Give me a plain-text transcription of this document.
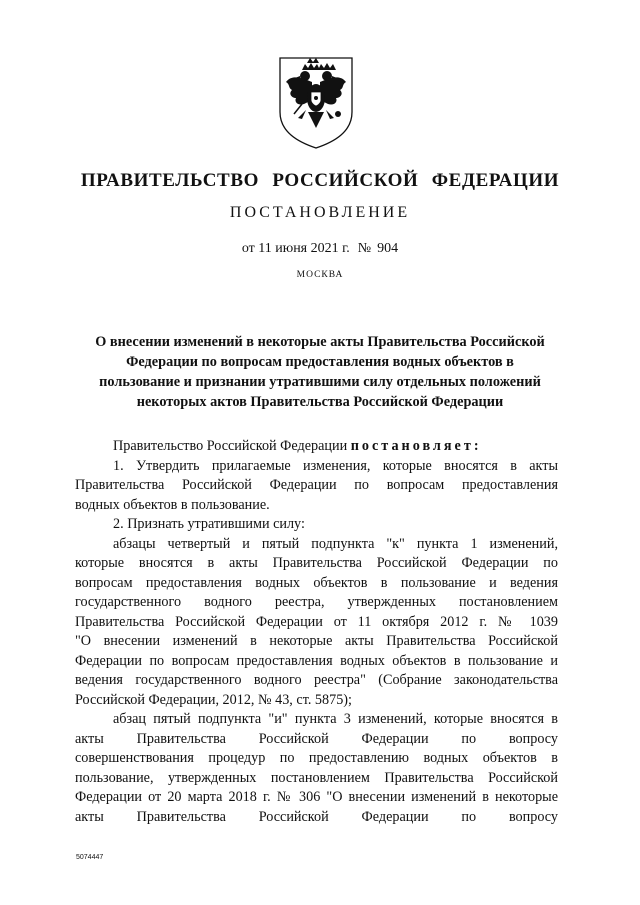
ПРАВИТЕЛЬСТВО РОССИЙСКОЙ ФЕДЕРАЦИИ
ПОСТАНОВЛЕНИЕ
от 11 июня 2021 г. № 904
МОСКВА
О внесении изменений в некоторые акты Правительства Российской
Федерации по вопросам предоставления водных объектов в
пользование и признании утратившими силу отдельных положений
некоторых актов Правительства Российской Федерации
Правительство Российской Федерации постановляет:
1. Утвердить прилагаемые изменения, которые вносятся в акты
Правительства Российской Федерации по вопросам предоставления
водных объектов в пользование.
2. Признать утратившими силу:
абзацы четвертый и пятый подпункта "к" пункта 1 изменений,
которые вносятся в акты Правительства Российской Федерации по
вопросам предоставления водных объектов в пользование и ведения
государственного водного реестра, утвержденных постановлением
Правительства Российской Федерации от 11 октября 2012 г. № 1039
"О внесении изменений в некоторые акты Правительства Российской
Федерации по вопросам предоставления водных объектов в пользование и
ведения государственного водного реестра" (Собрание законодательства
Российской Федерации, 2012, № 43, ст. 5875);
абзац пятый подпункта "и" пункта 3 изменений, которые вносятся в
акты Правительства Российской Федерации по вопросу
совершенствования процедур по предоставлению водных объектов в
пользование, утвержденных постановлением Правительства Российской
Федерации от 20 марта 2018 г. № 306 "О внесении изменений в некоторые
акты Правительства Российской Федерации по вопросу
5074447
